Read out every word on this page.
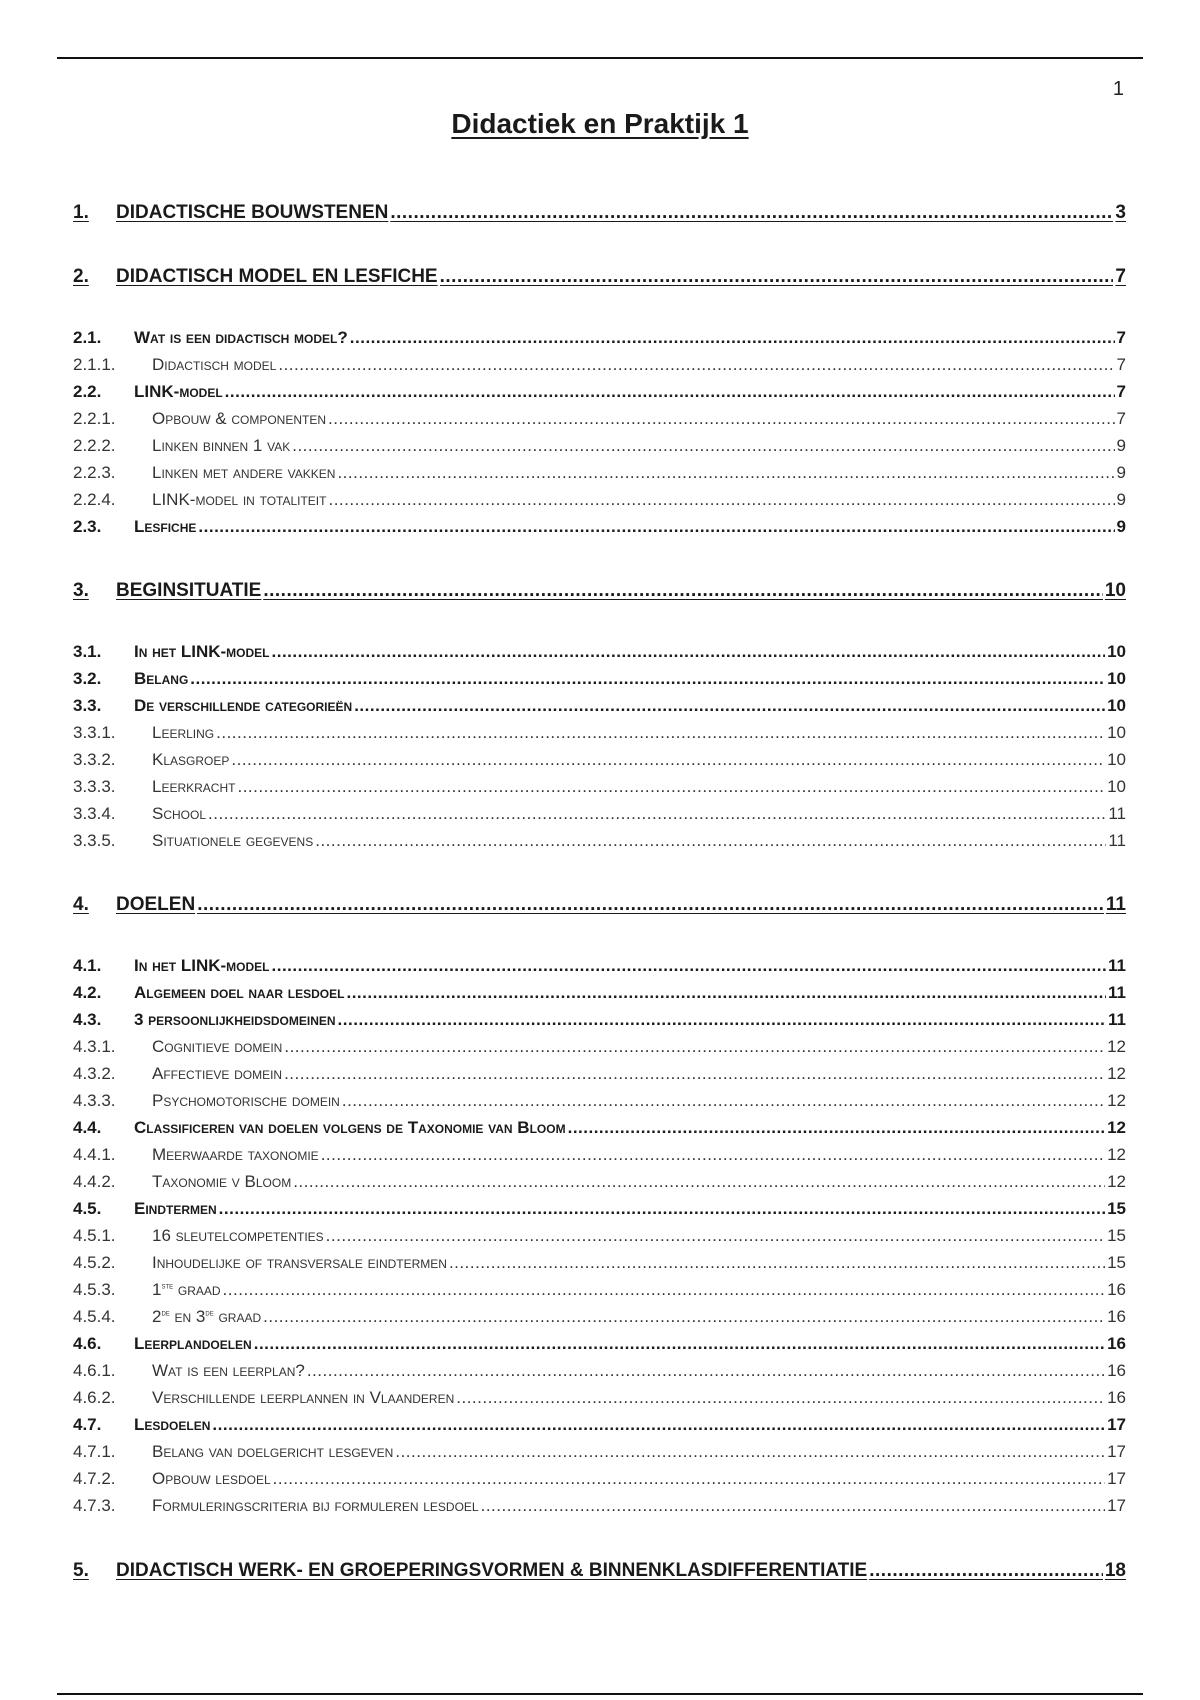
1
Didactiek en Praktijk 1
1.	DIDACTISCHE BOUWSTENEN .....	3
2.	DIDACTISCH MODEL EN LESFICHE .....	7
2.1.	Wat is een didactisch model? .....	7
2.1.1.	Didactisch model .....	7
2.2.	LINK-model .....	7
2.2.1.	Opbouw & componenten .....	7
2.2.2.	Linken binnen 1 vak .....	9
2.2.3.	Linken met andere vakken .....	9
2.2.4.	LINK-model in totaliteit .....	9
2.3.	Lesfiche .....	9
3.	BEGINSITUATIE .....	10
3.1.	In het LINK-model .....	10
3.2.	Belang .....	10
3.3.	De verschillende categorieën .....	10
3.3.1.	Leerling .....	10
3.3.2.	Klasgroep .....	10
3.3.3.	Leerkracht .....	10
3.3.4.	School .....	11
3.3.5.	Situationele gegevens .....	11
4.	DOELEN .....	11
4.1.	In het LINK-model .....	11
4.2.	Algemeen doel naar lesdoel .....	11
4.3.	3 persoonlijkheidsdomeinen .....	11
4.3.1.	Cognitieve domein .....	12
4.3.2.	Affectieve domein .....	12
4.3.3.	Psychomotorische domein .....	12
4.4.	Classificeren van doelen volgens de Taxonomie van Bloom .....	12
4.4.1.	Meerwaarde taxonomie .....	12
4.4.2.	Taxonomie v Bloom .....	12
4.5.	Eindtermen .....	15
4.5.1.	16 sleutelcompetenties .....	15
4.5.2.	Inhoudelijke of transversale eindtermen .....	15
4.5.3.	1ste graad .....	16
4.5.4.	2de en 3de graad .....	16
4.6.	Leerplandoelen .....	16
4.6.1.	Wat is een leerplan? .....	16
4.6.2.	Verschillende leerplannen in Vlaanderen .....	16
4.7.	Lesdoelen .....	17
4.7.1.	Belang van doelgericht lesgeven .....	17
4.7.2.	Opbouw lesdoel .....	17
4.7.3.	Formuleringscriteria bij formuleren lesdoel .....	17
5.	DIDACTISCH WERK- EN GROEPERINGSVORMEN & BINNENKLASDIFFERENTIATIE .....	18
